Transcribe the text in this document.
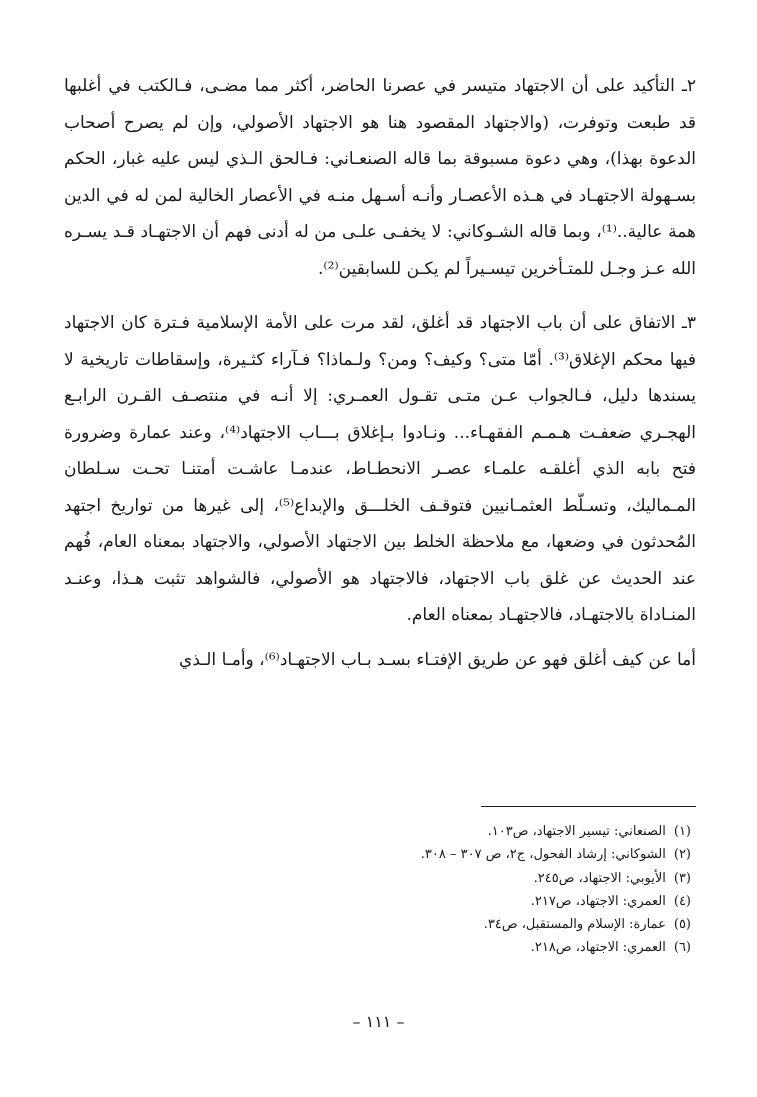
٢ـ التأكيد على أن الاجتهاد متيسر في عصرنا الحاضر، أكثر مما مضـى، فـالكتب في أغلبها قد طبعت وتوفرت، (والاجتهاد المقصود هنا هو الاجتهاد الأصولي، وإن لم يصرح أصحاب الدعوة بهذا)، وهي دعوة مسبوقة بما قاله الصنعـاني: فـالحق الـذي ليس عليه غبار، الحكم بسـهولة الاجتهـاد في هـذه الأعصـار وأنـه أسـهل منـه في الأعصار الخالية لمن له في الدين همة عالية..⁽¹⁾، وبما قاله الشـوكاني: لا يخفـى علـى من له أدنى فهم أن الاجتهـاد قـد يسـره الله عـز وجـل للمتـأخرين تيسـيراً لم يكـن للسابقين⁽²⁾.

٣ـ الاتفاق على أن باب الاجتهاد قد أغلق، لقد مرت على الأمة الإسلامية فـترة كان الاجتهاد فيها محكم الإغلاق⁽³⁾. أمّا متى؟ وكيف؟ ومن؟ ولـماذا؟ فـآراء كثـيرة، وإسقاطات تاريخية لا يسندها دليل، فـالجواب عـن متـى تقـول العمـري: إلا أنـه في منتصـف القـرن الرابـع الهجـري ضعفـت هـمـم الفقهـاء... ونـادوا بـإغلاق بـــاب الاجتهاد⁽⁴⁾، وعند عمارة وضرورة فتح بابه الذي أغلقـه علمـاء عصـر الانحطـاط، عندمـا عاشـت أمتنـا تحـت سـلطان المـماليك، وتسـلّط العثمـانيين فتوقـف الخلـــق والإبداع⁽⁵⁾، إلى غيرها من تواريخ اجتهد المُحدثون في وضعها، مع ملاحظة الخلط بين الاجتهاد الأصولي، والاجتهاد بمعناه العام، فُهم عند الحديث عن غلق باب الاجتهاد، فالاجتهاد هو الأصولي، فالشواهد تثبت هـذا، وعنـد المنـاداة بالاجتهـاد، فالاجتهـاد بمعناه العام.

أما عن كيف أغلق فهو عن طريق الإفتـاء بسـد بـاب الاجتهـاد⁽⁶⁾، وأمـا الـذي

(١)الصنعاني: تيسير الاجتهاد، ص١٠٣.
(٢)الشوكاني: إرشاد الفحول، ج٢، ص ٣٠٧ – ٣٠٨.
(٣)الأيوبي: الاجتهاد، ص٢٤٥.
(٤)العمري: الاجتهاد، ص٢١٧.
(٥)عمارة: الإسلام والمستقبل، ص٣٤.
(٦)العمري: الاجتهاد، ص٢١٨.
– ١١١ –
